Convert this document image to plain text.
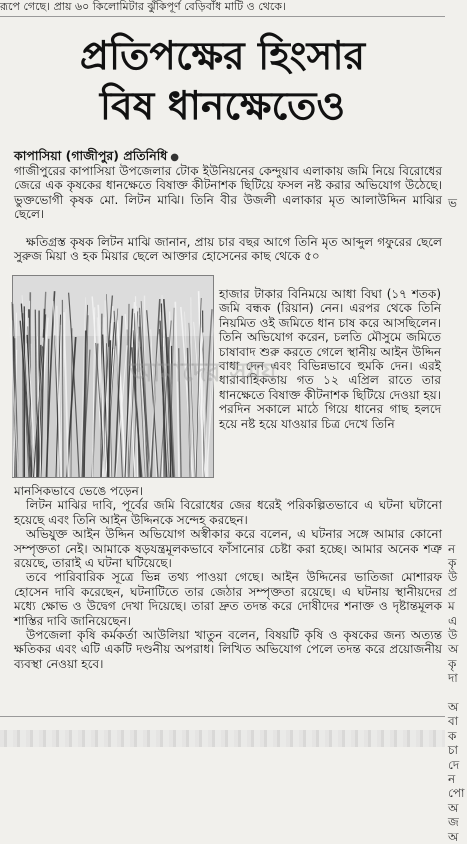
রূপে গেছে। প্রায় ৬০ কিলোমিটার ঝুঁকিপূর্ণ বেড়িবাঁধ মাটি ও থেকে।
প্রতিপক্ষের হিংসার
বিষ ধানক্ষেতেও
কাপাসিয়া (গাজীপুর) প্রতিনিধি ●

গাজীপুরের কাপাসিয়া উপজেলার টোক ইউনিয়নের কেন্দুয়াব এলাকায় জমি নিয়ে বিরোধের জেরে এক কৃষকের ধানক্ষেতে বিষাক্ত কীটনাশক ছিটিয়ে ফসল নষ্ট করার অভিযোগ উঠেছে। ভুক্তভোগী কৃষক মো. লিটন মাঝি। তিনি বীর উজলী এলাকার মৃত আলাউদ্দিন মাঝির ছেলে।

ক্ষতিগ্রস্ত কৃষক লিটন মাঝি জানান, প্রায় চার বছর আগে তিনি মৃত আব্দুল গফুরের ছেলে সুরুজ মিয়া ও হক মিয়ার ছেলে আক্তার হোসেনের কাছ থেকে ৫০

হাজার টাকার বিনিময়ে আধা বিঘা (১৭ শতক) জমি বন্ধক (রিয়ান) নেন। এরপর থেকে তিনি নিয়মিত ওই জমিতে ধান চাষ করে আসছিলেন। তিনি অভিযোগ করেন, চলতি মৌসুমে জমিতে চাষাবাদ শুরু করতে গেলে স্থানীয় আইন উদ্দিন বাধা দেন এবং বিভিন্নভাবে হুমকি দেন। এরই ধারাবাহিকতায় গত ১২ এপ্রিল রাতে তার ধানক্ষেতে বিষাক্ত কীটনাশক ছিটিয়ে দেওয়া হয়। পরদিন সকালে মাঠে গিয়ে ধানের গাছ হলদে হয়ে নষ্ট হয়ে যাওয়ার চিত্র দেখে তিনি

মানসিকভাবে ভেঙে পড়েন।
লিটন মাঝির দাবি, পূর্বের জমি বিরোধের জের ধরেই পরিকল্পিতভাবে এ ঘটনা ঘটানো হয়েছে এবং তিনি আইন উদ্দিনকে সন্দেহ করছেন।
অভিযুক্ত আইন উদ্দিন অভিযোগ অস্বীকার করে বলেন, এ ঘটনার সঙ্গে আমার কোনো সম্পৃক্ততা নেই। আমাকে ষড়যন্ত্রমূলকভাবে ফাঁসানোর চেষ্টা করা হচ্ছে। আমার অনেক শত্রু রয়েছে, তারাই এ ঘটনা ঘটিয়েছে।
তবে পারিবারিক সূত্রে ভিন্ন তথ্য পাওয়া গেছে। আইন উদ্দিনের ভাতিজা মোশারফ হোসেন দাবি করেছেন, ঘটনাটিতে তার জেঠার সম্পৃক্ততা রয়েছে। এ ঘটনায় স্থানীয়দের মধ্যে ক্ষোভ ও উদ্বেগ দেখা দিয়েছে। তারা দ্রুত তদন্ত করে দোষীদের শনাক্ত ও দৃষ্টান্তমূলক শাস্তির দাবি জানিয়েছেন।
উপজেলা কৃষি কর্মকর্তা আউলিয়া খাতুন বলেন, বিষয়টি কৃষি ও কৃষকের জন্য অত্যন্ত ক্ষতিকর এবং এটি একটি দণ্ডনীয় অপরাধ। লিখিত অভিযোগ পেলে তদন্ত করে প্রয়োজনীয় ব্যবস্থা নেওয়া হবে।
আমাদের সময়
ভ
ন
কৃ
উ
প্র
ম
এ
উ
অ
কৃ
দা
অ
বা
ক
চা
দে
ন
পো
অ
জ
অ
